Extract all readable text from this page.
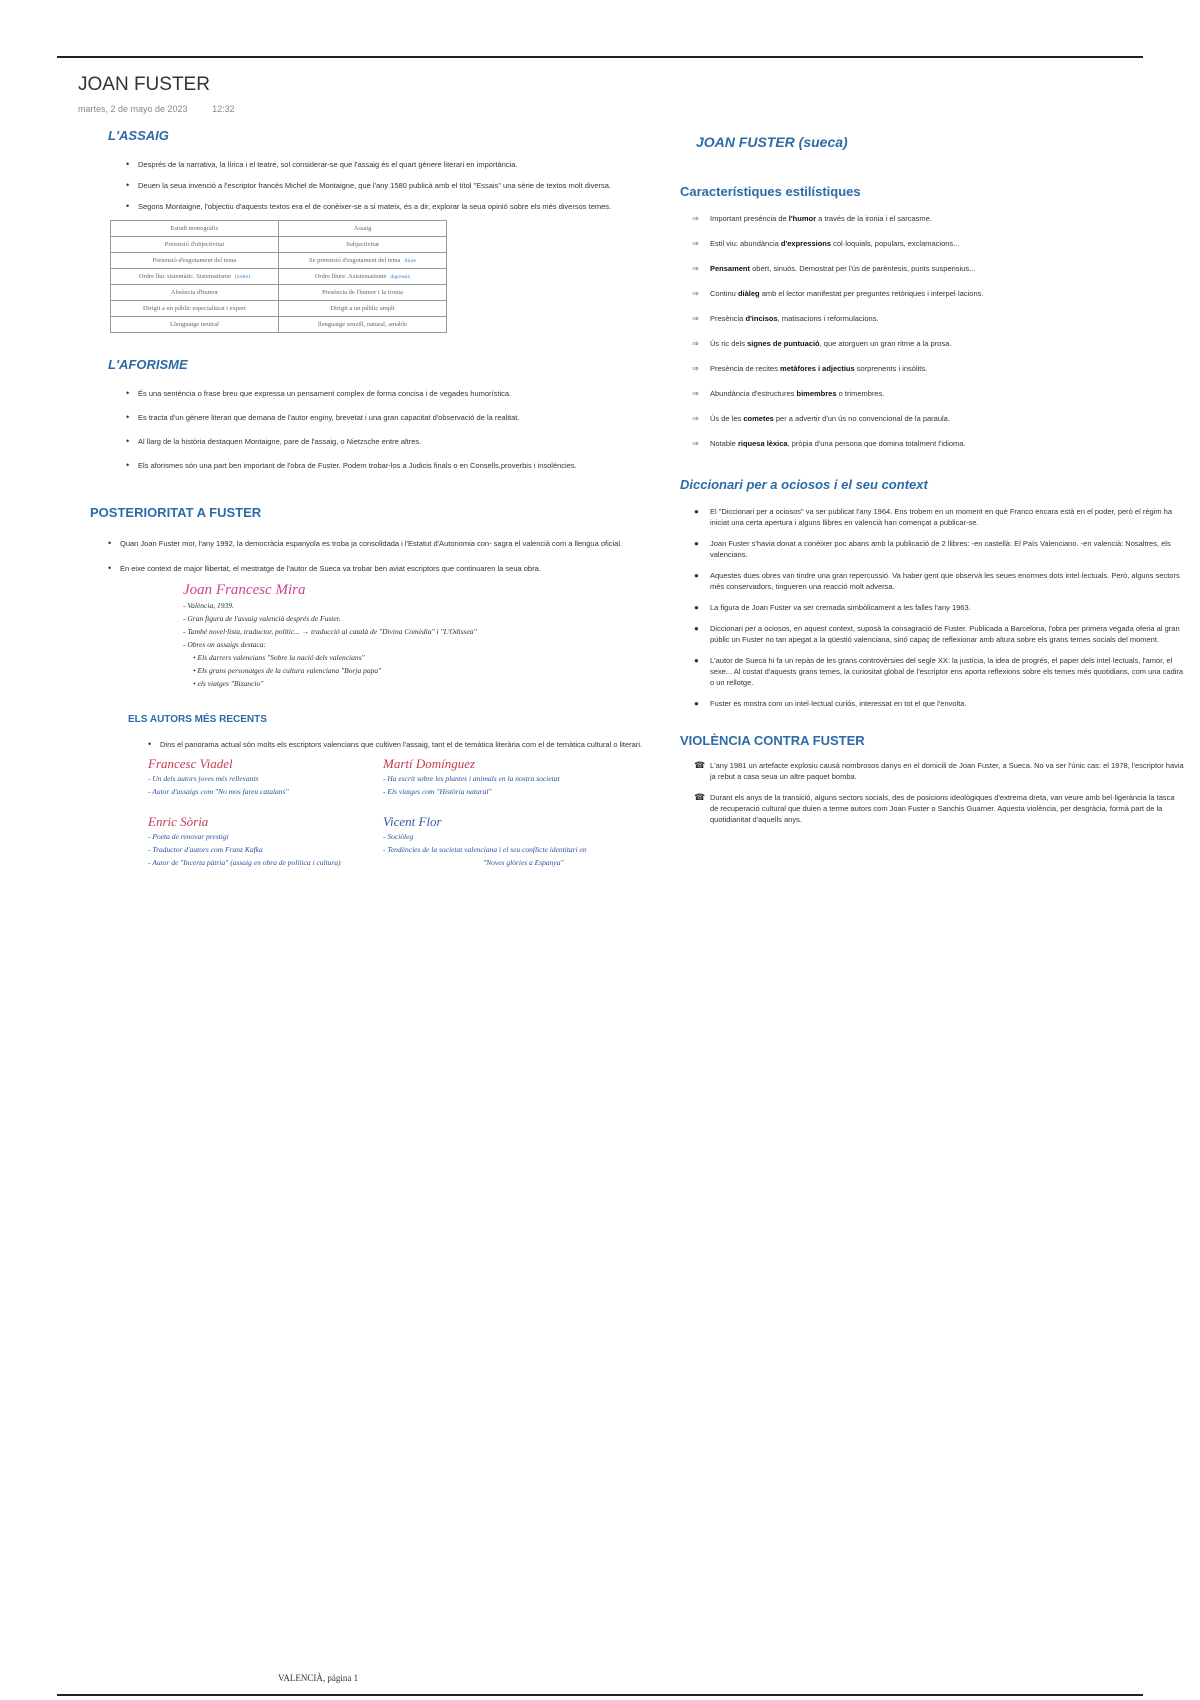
JOAN FUSTER
martes, 2 de mayo de 2023	12:32
L'ASSAIG
• Després de la narrativa, la lírica i el teatre, sol considerar-se que l'assaig és el quart gènere literari en importància.
• Deuen la seua invenció a l'escriptor francès Michel de Montaigne, que l'any 1580 publicà amb el títol "Essais" una sèrie de textos molt diversa.
• Segons Montaigne, l'objectiu d'aquests textos era el de conèixer-se a si mateix, és a dir, explorar la seua opinió sobre els més diversos temes.
Estudi monogràfic	Assaig
Pretensió d'objectivitat	Subjectivitat
Pretensió d'esgotament del tema	Se pretensió d'esgotament del tema lliure
Ordre lluc sistemàtic. Sistematisme (ordre)	Ordre lliure. Asistematisme digressió
Absència d'humor	Presència de l'humor i la ironia
Dirigit a un públic especialitzat i expert	Dirigit a un públic ampli
Llenguatge neutral	llenguatge senzill, natural, amable
L'AFORISME
• És una sentència o frase breu que expressa un pensament complex de forma concisa i de vegades humorística.
• Es tracta d'un gènere literari que demana de l'autor enginy, brevetat i una gran capacitat d'observació de la realitat.
• Al llarg de la història destaquen Montaigne, pare de l'assaig, o Nietzsche entre altres.
• Els aforismes són una part ben important de l'obra de Fuster. Podem trobar-los a Judicis finals o en Consells,proverbis i insolències.
POSTERIORITAT A FUSTER
• Quan Joan Fuster mor, l'any 1992, la democràcia espanyola es troba ja consolidada i l'Estatut d'Autonomia con- sagra el valencià com a llengua oficial.
• En eixe context de major llibertat, el mestratge de l'autor de Sueca va trobar ben aviat escriptors que continuaren la seua obra.
Joan Francesc Mira
- València, 1939.
- Gran figura de l'assaig valencià després de Fuster.
- També novel·lista, traductor, polític... → traducció al català de "Divina Comèdia" i "L'Odissea"
- Obres on assaigs destaca:
• Els darrers valencians "Sobre la nació dels valencians"
• Els grans personatges de la cultura valenciana "Borja papa"
• els viatges "Bizancio"
ELS AUTORS MÉS RECENTS
• Dins el panorama actual són molts els escriptors valencians que cultiven l'assaig, tant el de temàtica literària com el de temàtica cultural o literari.
Francesc Viadel
- Un dels autors joves més rellevants
- Autor d'assaigs com "No mos fareu catalans"
Martí Domínguez
- Ha escrit sobre les plantes i animals en la nostra societat
- Els viatges com "Història natural"
Enric Sòria
- Poeta de renovar prestigi
- Traductor d'autors com Franz Kafka
- Autor de "Incerta pàtria" (assaig en obra de política i cultura)
Vicent Flor
- Sociòleg
- Tendències de la societat valenciana i el seu conflicte identitari en
"Noves glòries a Espanya"
JOAN FUSTER (sueca)
Característiques estilístiques
⇒ Important presència de l'humor a través de la ironia i el sarcasme.
⇒ Estil viu: abundància d'expressions col·loquials, populars, exclamacions...
⇒ Pensament obert, sinuós. Demostrat per l'ús de parèntesis, punts suspensius...
⇒ Continu diàleg amb el lector manifestat per preguntes retòriques i interpel·lacions.
⇒ Presència d'incisos, matisacions i reformulacions.
⇒ Ús ric dels signes de puntuació, que atorguen un gran ritme a la prosa.
⇒ Presència de recites metàfores i adjectius sorprenents i insòlits.
⇒ Abundància d'estructures bimembres o trimembres.
⇒ Ús de les cometes per a advertir d'un ús no convencional de la paraula.
⇒ Notable riquesa lèxica, pròpia d'una persona que domina totalment l'idioma.
Diccionari per a ociosos i el seu context
● El "Diccionari per a ociosos" va ser publicat l'any 1964. Ens trobem en un moment en què Franco encara està en el poder, però el règim ha iniciat una certa apertura i alguns llibres en valencià han començat a publicar-se.
● Joan Fuster s'havia donat a conèixer poc abans amb la publicació de 2 llibres: -en castellà: El País Valenciano. -en valencià: Nosaltres, els valencians.
● Aquestes dues obres van tindre una gran repercussió. Va haber gent que observà les seues enormes dots intel·lectuals. Però, alguns sectors més conservadors, tingueren una reacció molt adversa.
● La figura de Joan Fuster va ser cremada simbòlicament a les falles l'any 1963.
● Diccionari per a ociosos, en aquest context, suposà la consagració de Fuster. Publicada a Barcelona, l'obra per primera vegada oferia al gran públic un Fuster no tan apegat a la qüestió valenciana, sinó capaç de reflexionar amb altura sobre els grans temes socials del moment.
● L'autor de Sueca hi fa un repàs de les grans controvèrsies del segle XX: la justícia, la idea de progrés, el paper dels intel·lectuals, l'amor, el sexe... Al costat d'aquests grans temes, la curiositat global de l'escriptor ens aporta reflexions sobre els temes més quotidians, com una cadira o un rellotge.
● Fuster es mostra com un intel·lectual curiós, interessat en tot el que l'envolta.
VIOLÈNCIA CONTRA FUSTER
☎ L'any 1981 un artefacte explosiu causà nombrosos danys en el domicili de Joan Fuster, a Sueca. No va ser l'únic cas: el 1978, l'escriptor havia ja rebut a casa seua un altre paquet bomba.
☎ Durant els anys de la transició, alguns sectors socials, des de posicions ideològiques d'extrema dreta, van veure amb bel·ligerància la tasca de recuperació cultural que duien a terme autors com Joan Fuster o Sanchis Guarner. Aquesta violència, per desgràcia, formà part de la quotidianitat d'aquells anys.
VALENCIÀ, página 1
